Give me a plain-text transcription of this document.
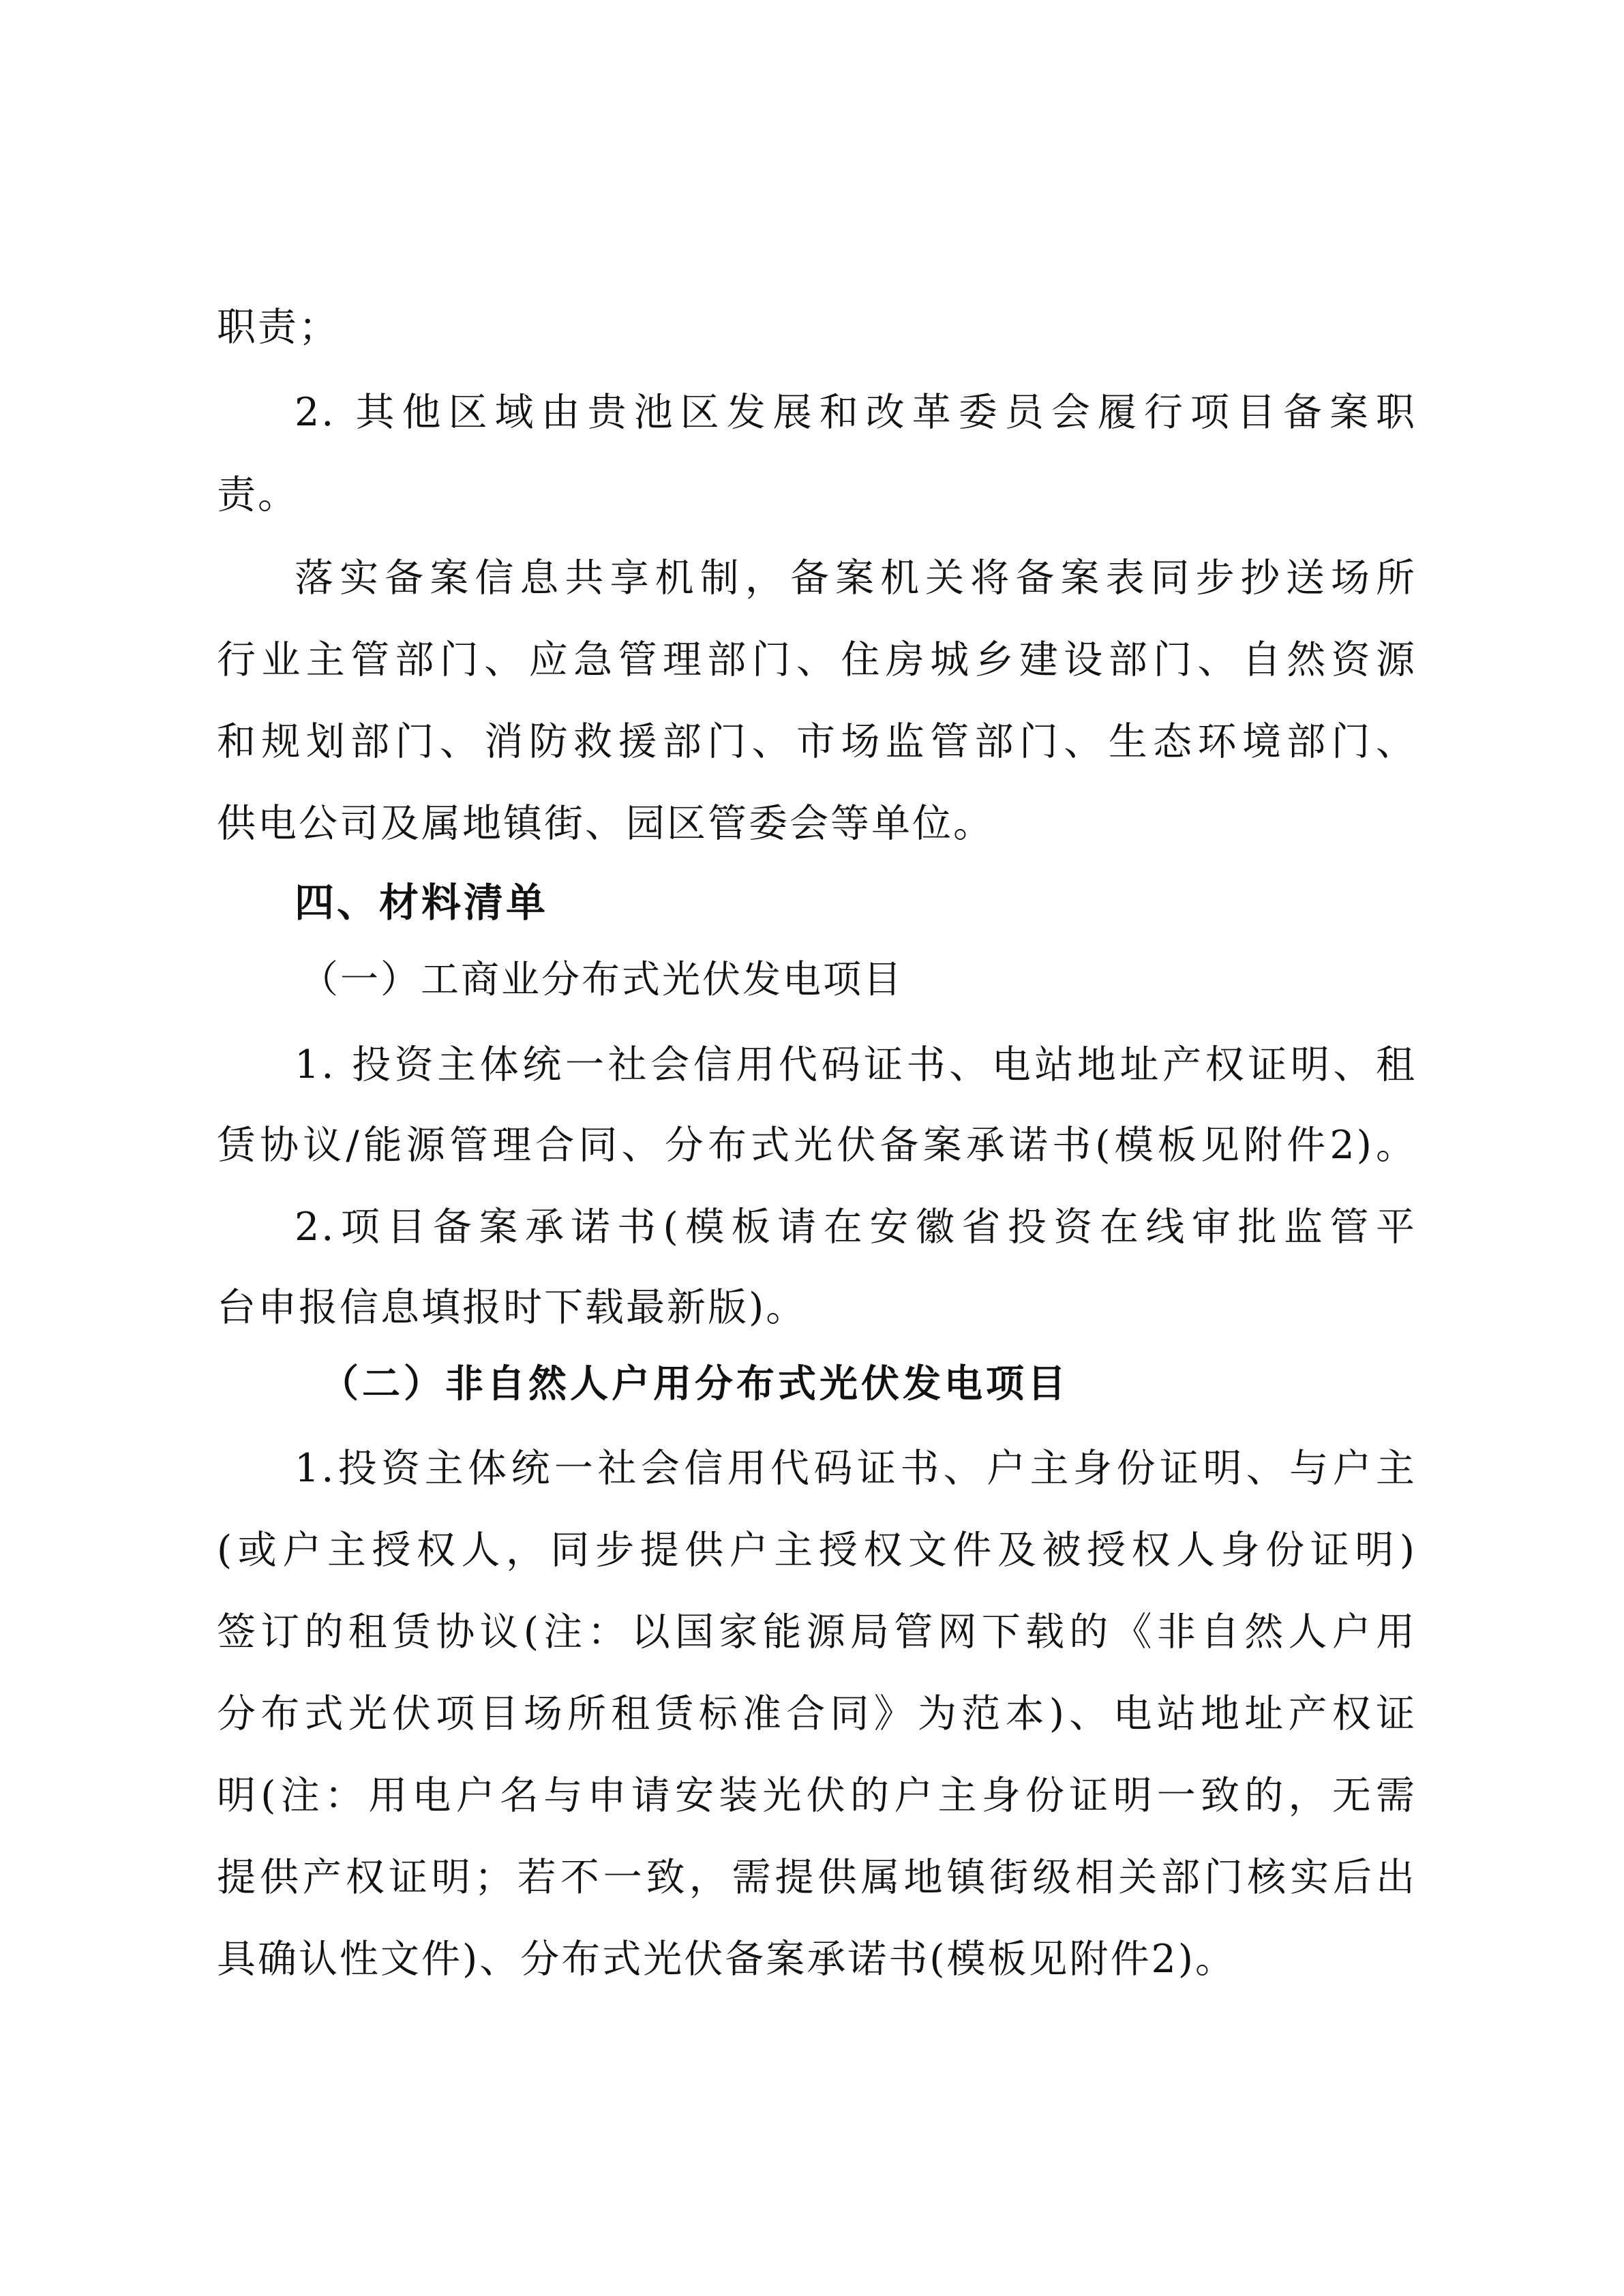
职责；
2. 其他区域由贵池区发展和改革委员会履行项目备案职
责。
落实备案信息共享机制，备案机关将备案表同步抄送场所
行业主管部门、应急管理部门、住房城乡建设部门、自然资源
和规划部门、消防救援部门、市场监管部门、生态环境部门、
供电公司及属地镇街、园区管委会等单位。
四、材料清单
（一）工商业分布式光伏发电项目
1. 投资主体统一社会信用代码证书、电站地址产权证明、租
赁协议/能源管理合同、分布式光伏备案承诺书(模板见附件2)。
2.项目备案承诺书(模板请在安徽省投资在线审批监管平
台申报信息填报时下载最新版)。
（二）非自然人户用分布式光伏发电项目
1.投资主体统一社会信用代码证书、户主身份证明、与户主
(或户主授权人，同步提供户主授权文件及被授权人身份证明)
签订的租赁协议(注：以国家能源局管网下载的《非自然人户用
分布式光伏项目场所租赁标准合同》为范本)、电站地址产权证
明(注：用电户名与申请安装光伏的户主身份证明一致的，无需
提供产权证明；若不一致，需提供属地镇街级相关部门核实后出
具确认性文件)、分布式光伏备案承诺书(模板见附件2)。
